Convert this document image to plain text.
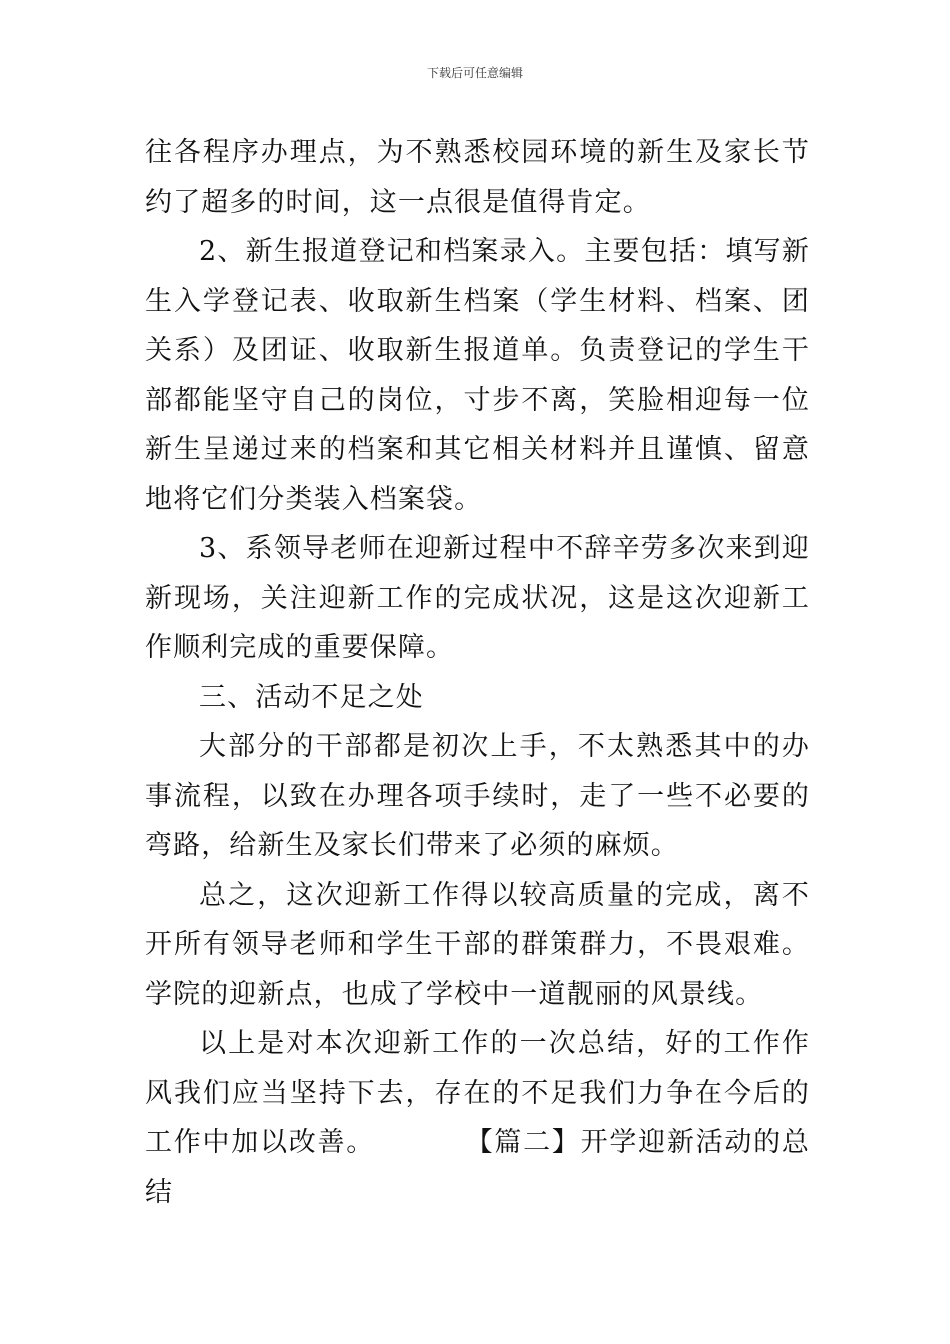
下载后可任意编辑

往各程序办理点，为不熟悉校园环境的新生及家长节约了超多的时间，这一点很是值得肯定。

2、新生报道登记和档案录入。主要包括：填写新生入学登记表、收取新生档案（学生材料、档案、团关系）及团证、收取新生报道单。负责登记的学生干部都能坚守自己的岗位，寸步不离，笑脸相迎每一位新生呈递过来的档案和其它相关材料并且谨慎、留意地将它们分类装入档案袋。

3、系领导老师在迎新过程中不辞辛劳多次来到迎新现场，关注迎新工作的完成状况，这是这次迎新工作顺利完成的重要保障。

三、活动不足之处

大部分的干部都是初次上手，不太熟悉其中的办事流程，以致在办理各项手续时，走了一些不必要的弯路，给新生及家长们带来了必须的麻烦。

总之，这次迎新工作得以较高质量的完成，离不开所有领导老师和学生干部的群策群力，不畏艰难。学院的迎新点，也成了学校中一道靓丽的风景线。

以上是对本次迎新工作的一次总结，好的工作作风我们应当坚持下去，存在的不足我们力争在今后的工作中加以改善。	【篇二】开学迎新活动的总结
